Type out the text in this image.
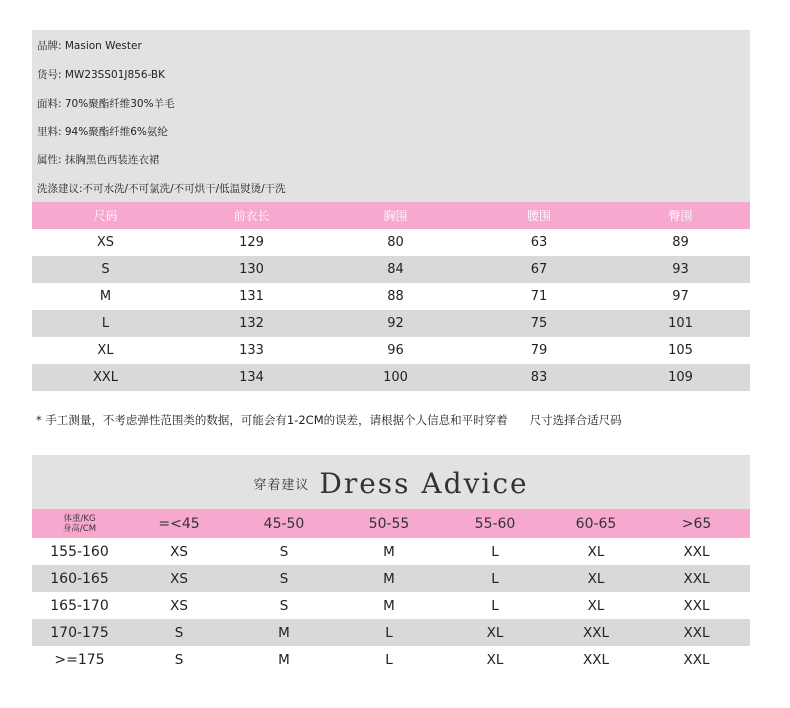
品牌: Masion Wester
货号: MW23SS01J856-BK
面料: 70%聚酯纤维30%羊毛
里料: 94%聚酯纤维6%氨纶
属性: 抹胸黑色西装连衣裙
洗涤建议:不可水洗/不可氯洗/不可烘干/低温熨烫/干洗
尺码	前衣长	胸围	腰围	臀围
XS	129	80	63	89
S	130	84	67	93
M	131	88	71	97
L	132	92	75	101
XL	133	96	79	105
XXL	134	100	83	109
* 手工测量，不考虑弹性范围类的数据，可能会有1-2CM的误差，请根据个人信息和平时穿着      尺寸选择合适尺码
穿着建议 Dress Advice
体重/KG
身高/CM	=<45	45-50	50-55	55-60	60-65	>65
155-160	XS	S	M	L	XL	XXL
160-165	XS	S	M	L	XL	XXL
165-170	XS	S	M	L	XL	XXL
170-175	S	M	L	XL	XXL	XXL
>=175	S	M	L	XL	XXL	XXL
